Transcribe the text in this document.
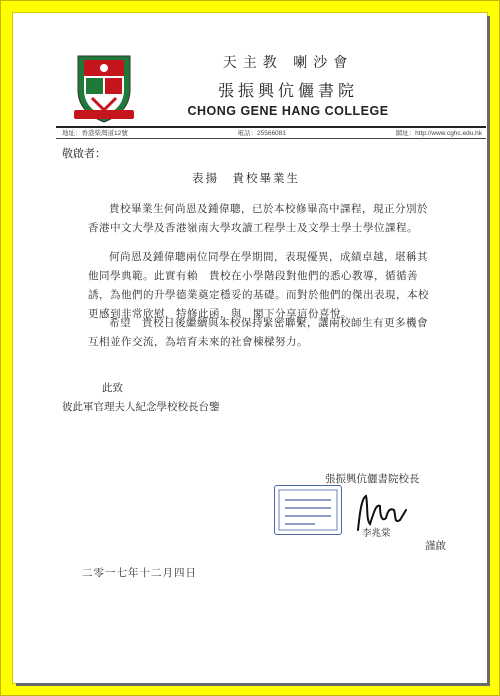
天主教 喇沙會
張振興伉儷書院
CHONG GENE HANG COLLEGE
地址：香港柴灣道12號	電話：25566081	網址：http://www.cghc.edu.hk
敬啟者：
表揚　貴校畢業生
貴校畢業生何尚恩及鍾偉聰，已於本校修畢高中課程，現正分別於香港中文大學及香港嶺南大學攻讀工程學士及文學士學士學位課程。
何尚恩及鍾偉聰兩位同學在學期間，表現優異，成績卓越，堪稱其他同學典範。此實有賴　貴校在小學階段對他們的悉心教導，循循善誘，為他們的升學德業奠定穩妥的基礎。而對於他們的傑出表現，本校更感到非常欣慰，特修此函，與　閣下分享這份喜悅。
希望　貴校日後繼續與本校保持緊密聯繫，讓兩校師生有更多機會互相並作交流，為培育未來的社會棟樑努力。
此致
彼此軍官理夫人紀念學校校長台鑒
張振興伉儷書院校長
李兆棠
謹啟
二零一七年十二月四日
